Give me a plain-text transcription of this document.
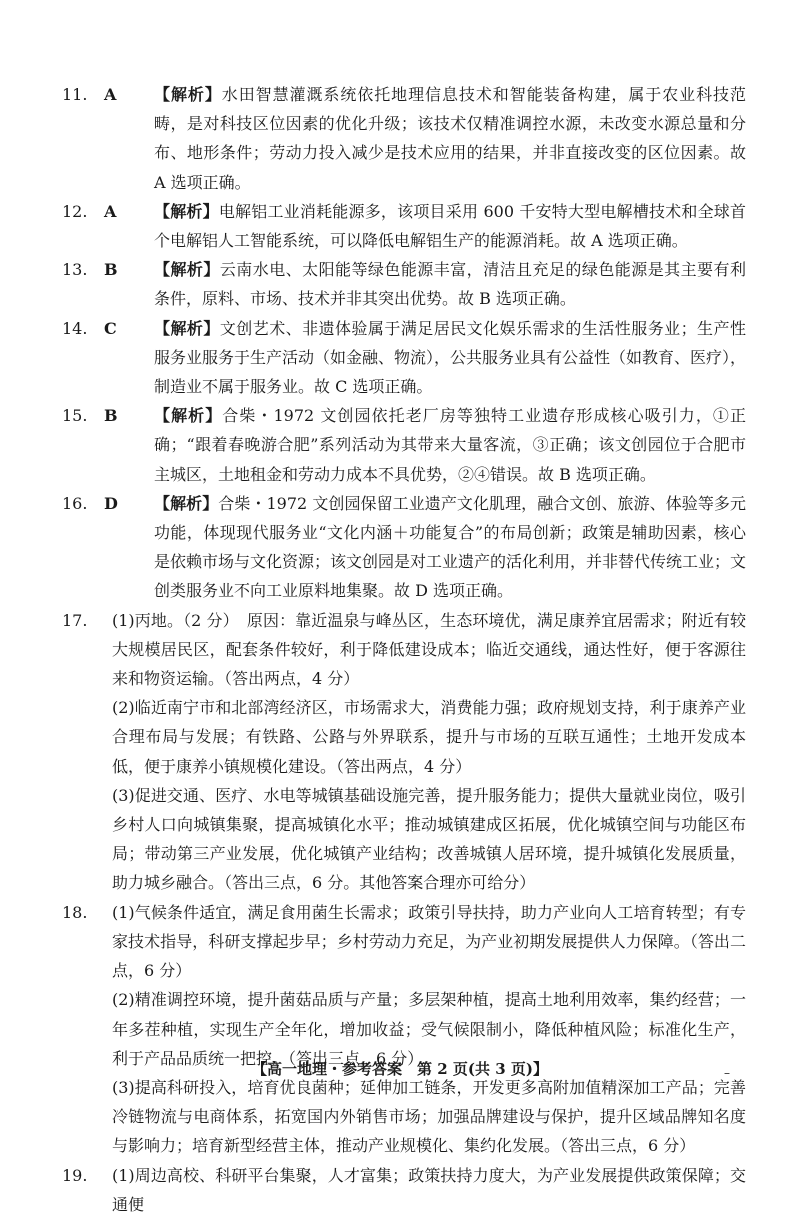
11. A	【解析】水田智慧灌溉系统依托地理信息技术和智能装备构建，属于农业科技范畴，是对科技区位因素的优化升级；该技术仅精准调控水源，未改变水源总量和分布、地形条件；劳动力投入减少是技术应用的结果，并非直接改变的区位因素。故 A 选项正确。
12. A	【解析】电解铝工业消耗能源多，该项目采用 600 千安特大型电解槽技术和全球首个电解铝人工智能系统，可以降低电解铝生产的能源消耗。故 A 选项正确。
13. B	【解析】云南水电、太阳能等绿色能源丰富，清洁且充足的绿色能源是其主要有利条件，原料、市场、技术并非其突出优势。故 B 选项正确。
14. C	【解析】文创艺术、非遗体验属于满足居民文化娱乐需求的生活性服务业；生产性服务业服务于生产活动（如金融、物流），公共服务业具有公益性（如教育、医疗），制造业不属于服务业。故 C 选项正确。
15. B	【解析】合柴・1972 文创园依托老厂房等独特工业遗存形成核心吸引力，①正确；“跟着春晚游合肥”系列活动为其带来大量客流，③正确；该文创园位于合肥市主城区，土地租金和劳动力成本不具优势，②④错误。故 B 选项正确。
16. D	【解析】合柴・1972 文创园保留工业遗产文化肌理，融合文创、旅游、体验等多元功能，体现现代服务业“文化内涵＋功能复合”的布局创新；政策是辅助因素，核心是依赖市场与文化资源；该文创园是对工业遗产的活化利用，并非替代传统工业；文创类服务业不向工业原料地集聚。故 D 选项正确。
17.	(1)丙地。（2 分）　原因：靠近温泉与峰丛区，生态环境优，满足康养宜居需求；附近有较大规模居民区，配套条件较好，利于降低建设成本；临近交通线，通达性好，便于客源往来和物资运输。（答出两点，4 分）
(2)临近南宁市和北部湾经济区，市场需求大，消费能力强；政府规划支持，利于康养产业合理布局与发展；有铁路、公路与外界联系，提升与市场的互联互通性；土地开发成本低，便于康养小镇规模化建设。（答出两点，4 分）
(3)促进交通、医疗、水电等城镇基础设施完善，提升服务能力；提供大量就业岗位，吸引乡村人口向城镇集聚，提高城镇化水平；推动城镇建成区拓展，优化城镇空间与功能区布局；带动第三产业发展，优化城镇产业结构；改善城镇人居环境，提升城镇化发展质量，助力城乡融合。（答出三点，6 分。其他答案合理亦可给分）
18.	(1)气候条件适宜，满足食用菌生长需求；政策引导扶持，助力产业向人工培育转型；有专家技术指导，科研支撑起步早；乡村劳动力充足，为产业初期发展提供人力保障。（答出二点，6 分）
(2)精准调控环境，提升菌菇品质与产量；多层架种植，提高土地利用效率，集约经营；一年多茬种植，实现生产全年化，增加收益；受气候限制小，降低种植风险；标准化生产，利于产品品质统一把控。（答出三点，6 分）
(3)提高科研投入，培育优良菌种；延伸加工链条，开发更多高附加值精深加工产品；完善冷链物流与电商体系，拓宽国内外销售市场；加强品牌建设与保护，提升区域品牌知名度与影响力；培育新型经营主体，推动产业规模化、集约化发展。（答出三点，6 分）
19.	(1)周边高校、科研平台集聚，人才富集；政策扶持力度大，为产业发展提供政策保障；交通便
【高一地理・参考答案　第 2 页(共 3 页)】	–
